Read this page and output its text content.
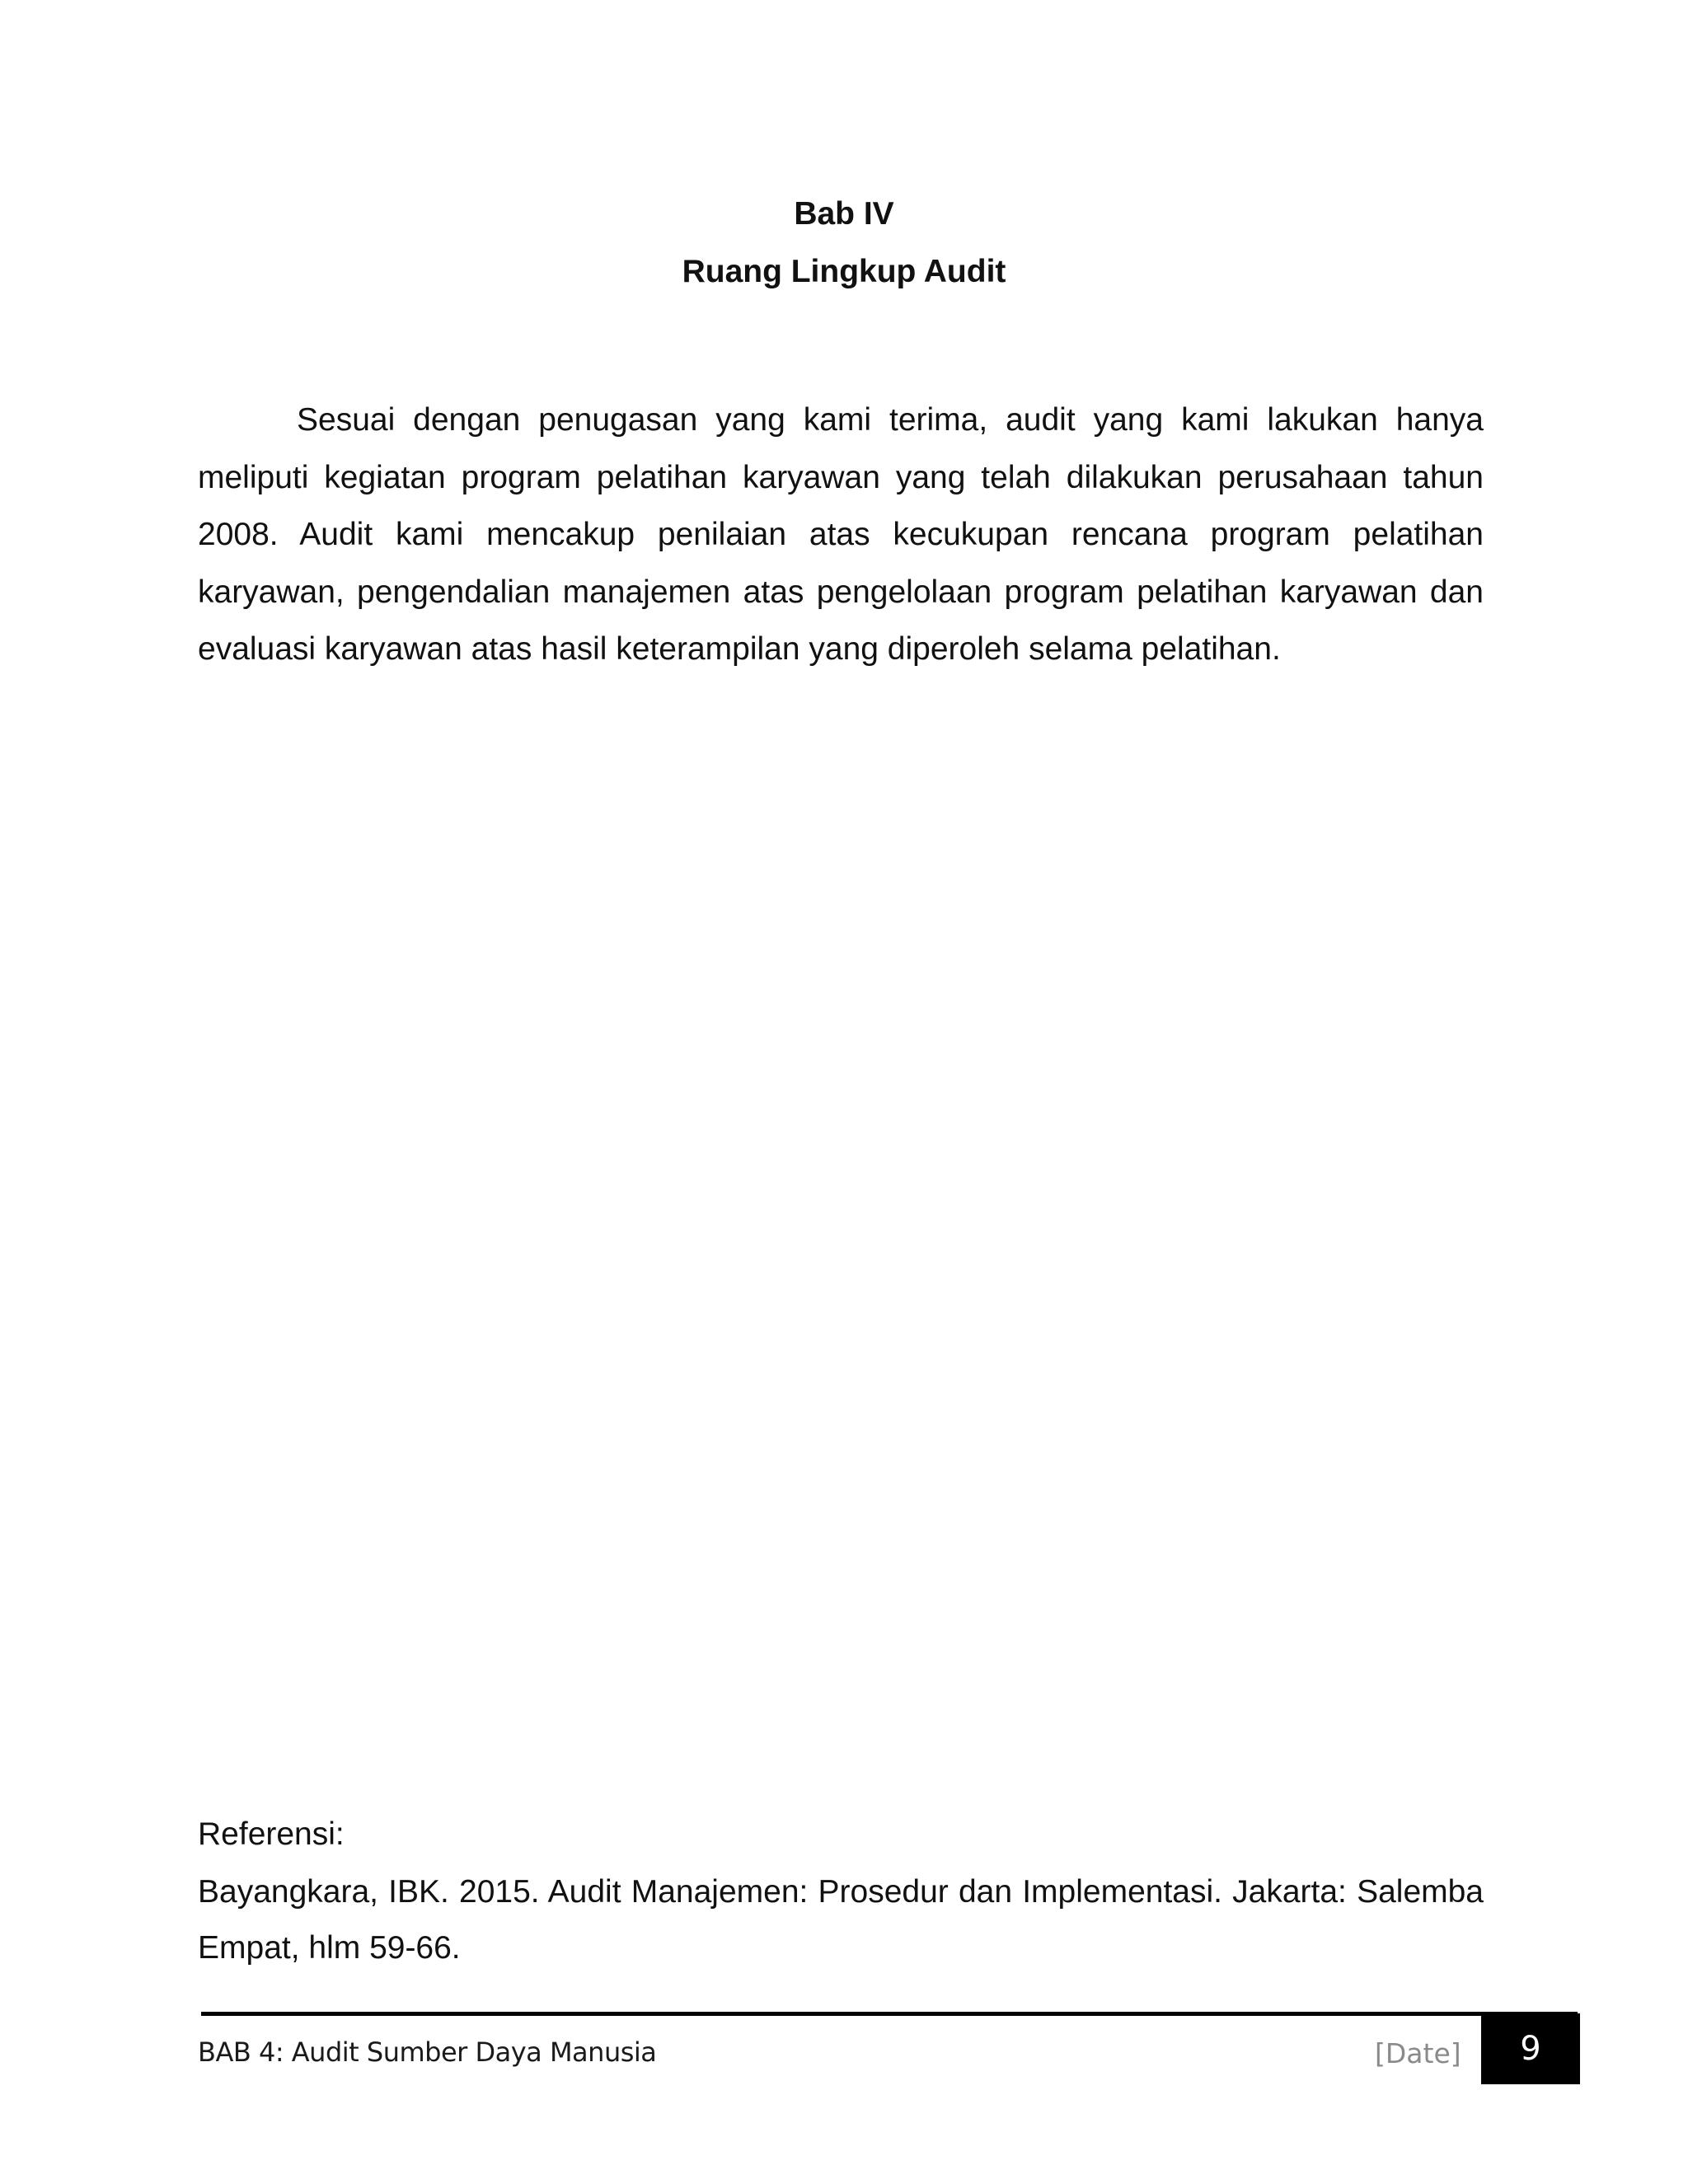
Bab IV
Ruang Lingkup Audit

Sesuai dengan penugasan yang kami terima, audit yang kami lakukan hanya meliputi kegiatan program pelatihan karyawan yang telah dilakukan perusahaan tahun 2008. Audit kami mencakup penilaian atas kecukupan rencana program pelatihan karyawan, pengendalian manajemen atas pengelolaan program pelatihan karyawan dan evaluasi karyawan atas hasil keterampilan yang diperoleh selama pelatihan.

Referensi:

Bayangkara, IBK. 2015. Audit Manajemen: Prosedur dan Implementasi. Jakarta: Salemba Empat, hlm 59-66.

BAB 4: Audit Sumber Daya Manusia	[Date] 9
